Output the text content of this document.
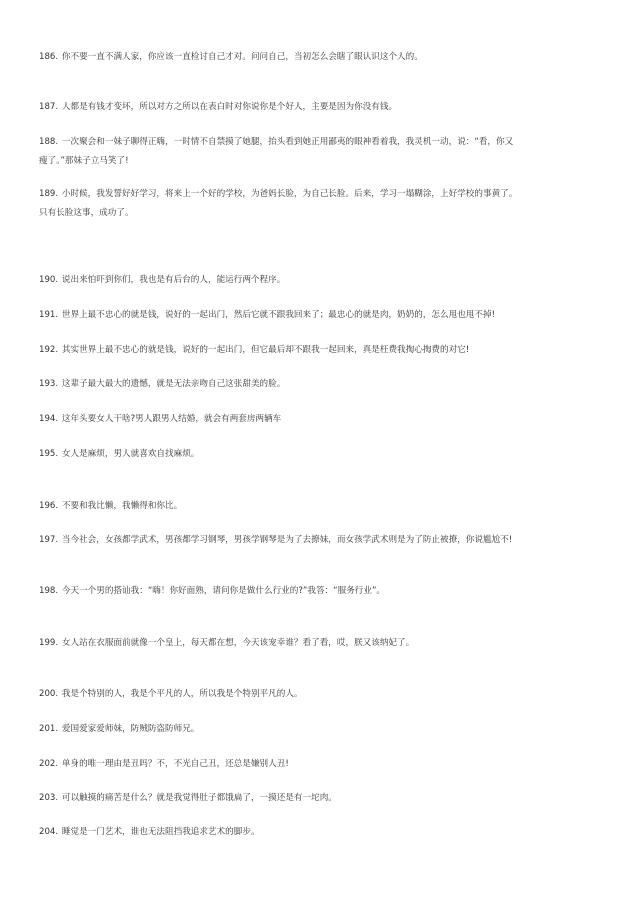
186. 你不要一直不满人家，你应该一直检讨自己才对。问问自己，当初怎么会瞎了眼认识这个人的。
187. 人都是有钱才变坏，所以对方之所以在表白时对你说你是个好人，主要是因为你没有钱。
188. 一次聚会和一妹子聊得正嗨，一时情不自禁摸了她腿，抬头看到她正用鄙夷的眼神看着我，我灵机一动，说：“看，你又瘦了。”那妹子立马笑了!
189. 小时候，我发誓好好学习，将来上一个好的学校，为爸妈长脸，为自己长脸。后来，学习一塌糊涂，上好学校的事黄了。只有长脸这事，成功了。
190. 说出来怕吓到你们，我也是有后台的人，能运行两个程序。
191. 世界上最不忠心的就是钱，说好的一起出门，然后它就不跟我回来了；最忠心的就是肉，奶奶的，怎么甩也甩不掉!
192. 其实世界上最不忠心的就是钱，说好的一起出门，但它最后却不跟我一起回来，真是枉费我掏心掏费的对它!
193. 这辈子最大最大的遗憾，就是无法亲吻自己这张甜美的脸。
194. 这年头要女人干啥?男人跟男人结婚，就会有两套房两辆车
195. 女人是麻烦，男人就喜欢自找麻烦。
196. 不要和我比懒，我懒得和你比。
197. 当今社会，女孩都学武术，男孩都学习钢琴，男孩学钢琴是为了去撩妹，而女孩学武术则是为了防止被撩，你说尴尬不!
198. 今天一个男的搭讪我：“嗨！你好面熟，请问你是做什么行业的?”我答：“服务行业”。
199. 女人站在衣服面前就像一个皇上，每天都在想，今天该宠幸谁？看了看，哎，朕又该纳妃了。
200. 我是个特别的人，我是个平凡的人，所以我是个特别平凡的人。
201. 爱国爱家爱师妹，防贼防盗防师兄。
202. 单身的唯一理由是丑吗？不，不光自己丑，还总是嫌别人丑!
203. 可以触摸的痛苦是什么？就是我觉得肚子都饿扁了，一摸还是有一坨肉。
204. 睡觉是一门艺术，谁也无法阻挡我追求艺术的脚步。
